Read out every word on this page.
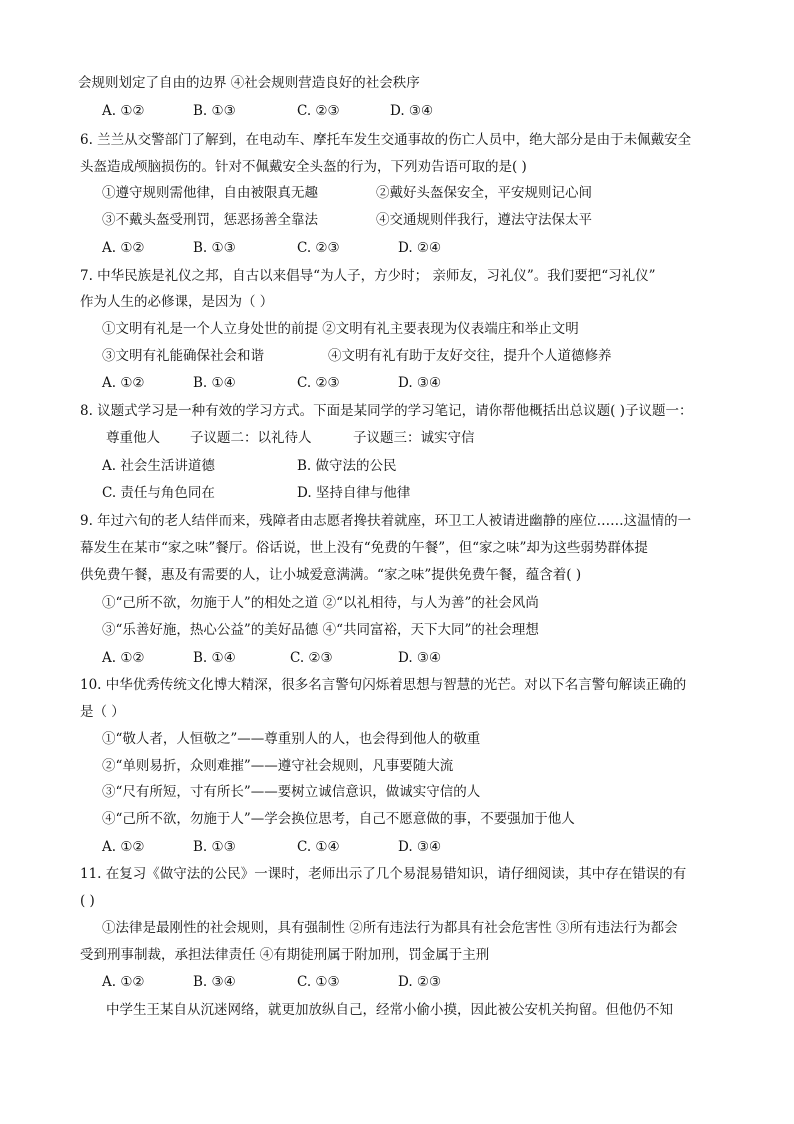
会规则划定了自由的边界 ④社会规则营造良好的社会秩序
A. ①②	B. ①③	C. ②③	D. ③④
6. 兰兰从交警部门了解到，在电动车、摩托车发生交通事故的伤亡人员中，绝大部分是由于未佩戴安全
头盔造成颅脑损伤的。针对不佩戴安全头盔的行为，下列劝告语可取的是( )
①遵守规则需他律，自由被限真无趣	②戴好头盔保安全，平安规则记心间
③不戴头盔受刑罚，惩恶扬善全靠法	④交通规则伴我行，遵法守法保太平
A. ①②	B. ①③	C. ②③	D. ②④
7. 中华民族是礼仪之邦，自古以来倡导“为人子，方少时； 亲师友，习礼仪”。我们要把“习礼仪”
作为人生的必修课，是因为（ ）
①文明有礼是一个人立身处世的前提 ②文明有礼主要表现为仪表端庄和举止文明
③文明有礼能确保社会和谐	④文明有礼有助于友好交往，提升个人道德修养
A. ①②	B. ①④	C. ②③	D. ③④
8. 议题式学习是一种有效的学习方式。下面是某同学的学习笔记，请你帮他概括出总议题( )子议题一：
尊重他人 子议题二：以礼待人	子议题三：诚实守信
A. 社会生活讲道德	B. 做守法的公民
C. 责任与角色同在	D. 坚持自律与他律
9. 年过六旬的老人结伴而来，残障者由志愿者搀扶着就座，环卫工人被请进幽静的座位……这温情的一
幕发生在某市“家之味”餐厅。俗话说，世上没有“免费的午餐”，但“家之味”却为这些弱势群体提
供免费午餐，惠及有需要的人，让小城爱意满满。“家之味”提供免费午餐，蕴含着( )
①“己所不欲，勿施于人”的相处之道 ②“以礼相待，与人为善”的社会风尚
③“乐善好施，热心公益”的美好品德 ④“共同富裕，天下大同”的社会理想
A. ①②	B. ①④	C. ②③	D. ③④
10. 中华优秀传统文化博大精深，很多名言警句闪烁着思想与智慧的光芒。对以下名言警句解读正确的
是（ ）
①“敬人者，人恒敬之”——尊重别人的人，也会得到他人的敬重
②“单则易折，众则难摧”——遵守社会规则，凡事要随大流
③“尺有所短，寸有所长”——要树立诚信意识，做诚实守信的人
④“己所不欲，勿施于人”—学会换位思考，自己不愿意做的事，不要强加于他人
A. ①②	B. ①③	C. ①④	D. ③④
11. 在复习《做守法的公民》一课时，老师出示了几个易混易错知识，请仔细阅读，其中存在错误的有
( )
①法律是最刚性的社会规则，具有强制性 ②所有违法行为都具有社会危害性 ③所有违法行为都会
受到刑事制裁，承担法律责任 ④有期徒刑属于附加刑，罚金属于主刑
A. ①②	B. ③④	C. ①③	D. ②③
中学生王某自从沉迷网络，就更加放纵自己，经常小偷小摸，因此被公安机关拘留。但他仍不知
